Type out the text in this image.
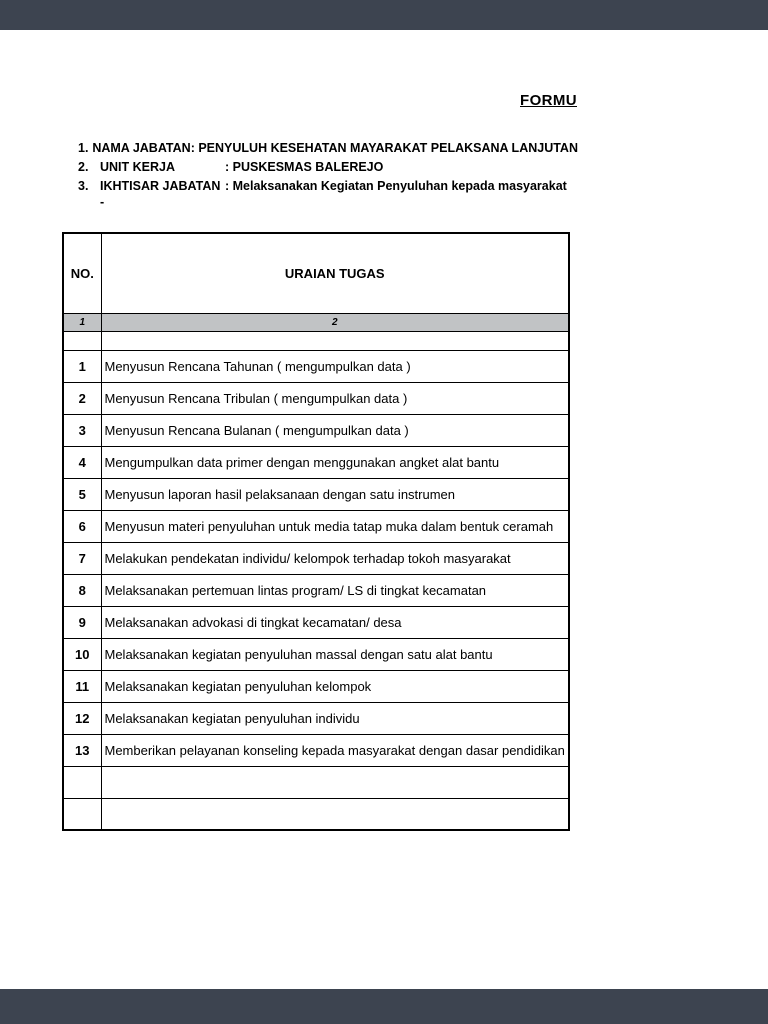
FORMU
1. NAMA JABATAN : PENYULUH KESEHATAN MAYARAKAT PELAKSANA LANJUTAN
2. UNIT KERJA	: PUSKESMAS BALEREJO
3. IKHTISAR JABATAN : Melaksanakan Kegiatan Penyuluhan kepada masyarakat
-
NO.	URAIAN TUGAS
1	2

1	Menyusun Rencana Tahunan ( mengumpulkan data )
2	Menyusun Rencana Tribulan ( mengumpulkan data )
3	Menyusun Rencana Bulanan ( mengumpulkan data )
4	Mengumpulkan data primer dengan menggunakan angket alat bantu
5	Menyusun laporan hasil pelaksanaan dengan satu instrumen
6	Menyusun materi penyuluhan untuk media tatap muka dalam bentuk ceramah
7	Melakukan pendekatan individu/ kelompok terhadap tokoh masyarakat
8	Melaksanakan pertemuan lintas program/ LS di tingkat kecamatan
9	Melaksanakan advokasi di tingkat kecamatan/ desa
10	Melaksanakan kegiatan penyuluhan massal dengan satu alat bantu
11	Melaksanakan kegiatan penyuluhan kelompok
12	Melaksanakan kegiatan penyuluhan individu
13	Memberikan pelayanan konseling kepada masyarakat dengan dasar pendidikan
